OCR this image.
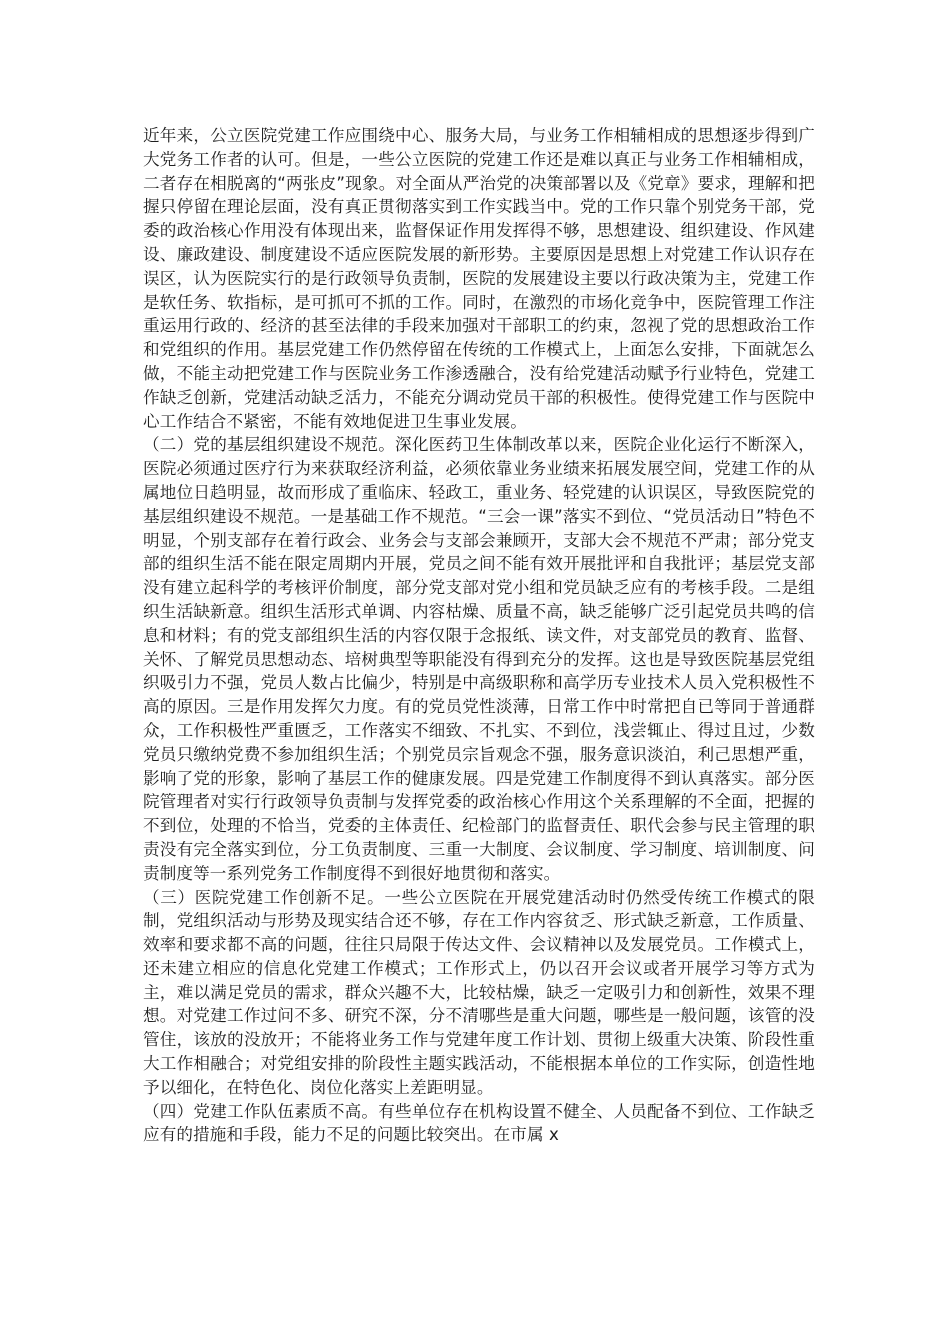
近年来，公立医院党建工作应围绕中心、服务大局，与业务工作相辅相成的思想逐步得到广大党务工作者的认可。但是，一些公立医院的党建工作还是难以真正与业务工作相辅相成，二者存在相脱离的“两张皮”现象。对全面从严治党的决策部署以及《党章》要求，理解和把握只停留在理论层面，没有真正贯彻落实到工作实践当中。党的工作只靠个别党务干部，党委的政治核心作用没有体现出来，监督保证作用发挥得不够，思想建设、组织建设、作风建设、廉政建设、制度建设不适应医院发展的新形势。主要原因是思想上对党建工作认识存在误区，认为医院实行的是行政领导负责制，医院的发展建设主要以行政决策为主，党建工作是软任务、软指标，是可抓可不抓的工作。同时，在激烈的市场化竞争中，医院管理工作注重运用行政的、经济的甚至法律的手段来加强对干部职工的约束，忽视了党的思想政治工作和党组织的作用。基层党建工作仍然停留在传统的工作模式上，上面怎么安排，下面就怎么做，不能主动把党建工作与医院业务工作渗透融合，没有给党建活动赋予行业特色，党建工作缺乏创新，党建活动缺乏活力，不能充分调动党员干部的积极性。使得党建工作与医院中心工作结合不紧密，不能有效地促进卫生事业发展。

（二）党的基层组织建设不规范。深化医药卫生体制改革以来，医院企业化运行不断深入，医院必须通过医疗行为来获取经济利益，必须依靠业务业绩来拓展发展空间，党建工作的从属地位日趋明显，故而形成了重临床、轻政工，重业务、轻党建的认识误区，导致医院党的基层组织建设不规范。一是基础工作不规范。“三会一课”落实不到位、“党员活动日”特色不明显，个别支部存在着行政会、业务会与支部会兼顾开，支部大会不规范不严肃；部分党支部的组织生活不能在限定周期内开展，党员之间不能有效开展批评和自我批评；基层党支部没有建立起科学的考核评价制度，部分党支部对党小组和党员缺乏应有的考核手段。二是组织生活缺新意。组织生活形式单调、内容枯燥、质量不高，缺乏能够广泛引起党员共鸣的信息和材料；有的党支部组织生活的内容仅限于念报纸、读文件，对支部党员的教育、监督、关怀、了解党员思想动态、培树典型等职能没有得到充分的发挥。这也是导致医院基层党组织吸引力不强，党员人数占比偏少，特别是中高级职称和高学历专业技术人员入党积极性不高的原因。三是作用发挥欠力度。有的党员党性淡薄，日常工作中时常把自已等同于普通群众，工作积极性严重匮乏，工作落实不细致、不扎实、不到位，浅尝辄止、得过且过，少数党员只缴纳党费不参加组织生活；个别党员宗旨观念不强，服务意识淡泊，利己思想严重，影响了党的形象，影响了基层工作的健康发展。四是党建工作制度得不到认真落实。部分医院管理者对实行行政领导负责制与发挥党委的政治核心作用这个关系理解的不全面，把握的不到位，处理的不恰当，党委的主体责任、纪检部门的监督责任、职代会参与民主管理的职责没有完全落实到位，分工负责制度、三重一大制度、会议制度、学习制度、培训制度、问责制度等一系列党务工作制度得不到很好地贯彻和落实。

（三）医院党建工作创新不足。一些公立医院在开展党建活动时仍然受传统工作模式的限制，党组织活动与形势及现实结合还不够，存在工作内容贫乏、形式缺乏新意，工作质量、效率和要求都不高的问题，往往只局限于传达文件、会议精神以及发展党员。工作模式上，还未建立相应的信息化党建工作模式；工作形式上，仍以召开会议或者开展学习等方式为主，难以满足党员的需求，群众兴趣不大，比较枯燥，缺乏一定吸引力和创新性，效果不理想。对党建工作过问不多、研究不深，分不清哪些是重大问题，哪些是一般问题，该管的没管住，该放的没放开；不能将业务工作与党建年度工作计划、贯彻上级重大决策、阶段性重大工作相融合；对党组安排的阶段性主题实践活动，不能根据本单位的工作实际，创造性地予以细化，在特色化、岗位化落实上差距明显。

（四）党建工作队伍素质不高。有些单位存在机构设置不健全、人员配备不到位、工作缺乏应有的措施和手段，能力不足的问题比较突出。在市属 x
